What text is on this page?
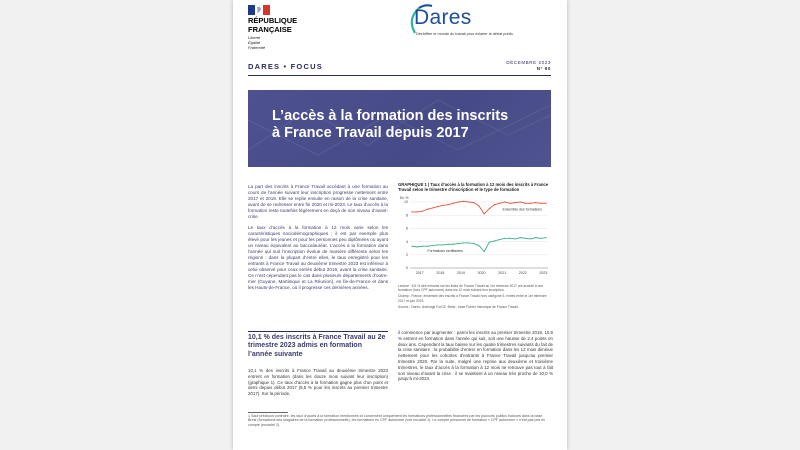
RÉPUBLIQUE
FRANÇAISE
Liberté
Égalité
Fraternité
Dares
Déchiffrer le monde du travail pour éclairer le débat public
DARES • FOCUS	DÉCEMBRE 2023
N° 60
L’accès à la formation des inscrits
à France Travail depuis 2017

La part des inscrits à France Travail accédant à une formation au cours de l’année suivant leur inscription progresse nettement entre 2017 et 2019. Elle se replie ensuite en raison de la crise sanitaire, avant de se redresser entre fin 2020 et mi-2023. Le taux d’accès à la formation reste toutefois légèrement en deçà de son niveau d’avant-crise.

Le taux d’accès à la formation à 12 mois varie selon les caractéristiques sociodémographiques : il est par exemple plus élevé pour les jeunes et pour les personnes peu diplômées ou ayant un niveau équivalent au baccalauréat. L’accès à la formation dans l’année qui suit l’inscription évolue de manière différente selon les régions : dans la plupart d’entre elles, le taux enregistré pour les entrants à France Travail au deuxième trimestre 2023 est inférieur à celui observé pour ceux entrés début 2019, avant la crise sanitaire. Ce n’est cependant pas le cas dans plusieurs départements d’outre-mer (Guyane, Martinique et La Réunion), en Île-de-France et dans les Hauts-de-France, où il progresse ces dernières années.

GRAPHIQUE 1 | Taux d’accès à la formation à 12 mois des inscrits à France Travail selon le trimestre d’inscription et le type de formation
En %
0
2
4
6
8
10
2017	2018	2019	2020	2021	2022	2023
Ensemble des formations
Formations certifiantes

Lecture : 8,5 % des entrants sur les listes de France Travail au 1er trimestre 2017 ont accédé à une formation (hors CPF autonome) dans les 12 mois suivant leur inscription.

Champ : France, ensemble des inscrits à France Travail hors catégorie 5, entrés entre le 1er trimestre 2017 et juin 2023.

Source : Dares, chaînage ForCE, Brest ; base Fichier historique de France Travail.

10,1 % des inscrits à France Travail au 2e trimestre 2023 admis en formation l’année suivante
10,1 % des inscrits à France Travail au deuxième trimestre 2023 entrent en formation (dans les douze mois suivant leur inscription) (graphique 1). Ce taux d’accès à la formation gagne plus d’un point et demi depuis début 2017 (8,5 % pour les inscrits au premier trimestre 2017). Sur la période,
il commence par augmenter : parmi les inscrits au premier trimestre 2019, 10,9 % entrent en formation dans l’année qui suit, soit une hausse de 2,4 points en deux ans. Cependant la taux baisse sur les quatre trimestres suivants du fait de la crise sanitaire : la probabilité d’entrer en formation dans les 12 mois diminue nettement pour les cohortes d’entrants à France Travail jusqu’au premier trimestre 2020. Par la suite, malgré une reprise aux deuxième et troisième trimestres, le taux d’accès à la formation à 12 mois ne retrouve pas tout à fait son niveau d’avant la crise : il se maintient à un niveau très proche de 10,0 % jusqu’à mi-2023.
1 Sauf précision contraire, les taux d’accès à la formation mentionnés ici concernent uniquement les formations professionnelles financées par les pouvoirs publics incluses dans la base Brest (formations des stagiaires de la formation professionnelle), les formations en CPF autonome (voir encadré 1). Le compte personnel de formation « CPF autonome » n’est pas pris en compte (encadré 2).
